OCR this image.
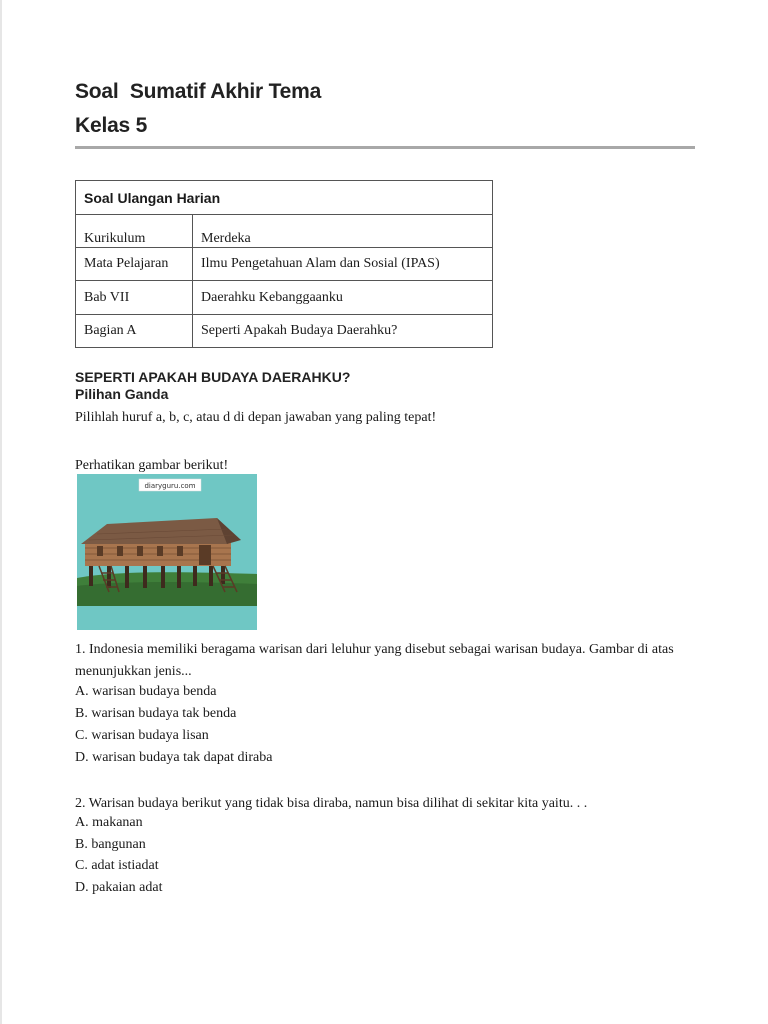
Soal  Sumatif Akhir Tema
Kelas 5
Soal Ulangan Harian	
Kurikulum	Merdeka
Mata Pelajaran	Ilmu Pengetahuan Alam dan Sosial (IPAS)
Bab VII	Daerahku Kebanggaanku
Bagian A	Seperti Apakah Budaya Daerahku?
SEPERTI APAKAH BUDAYA DAERAHKU?
Pilihan Ganda
Pilihlah huruf a, b, c, atau d di depan jawaban yang paling tepat!
Perhatikan gambar berikut!
diaryguru.com
1. Indonesia memiliki beragama warisan dari leluhur yang disebut sebagai warisan budaya. Gambar di atas menunjukkan jenis...
A. warisan budaya benda
B. warisan budaya tak benda
C. warisan budaya lisan
D. warisan budaya tak dapat diraba
2. Warisan budaya berikut yang tidak bisa diraba, namun bisa dilihat di sekitar kita yaitu. . .
A. makanan
B. bangunan
C. adat istiadat
D. pakaian adat
